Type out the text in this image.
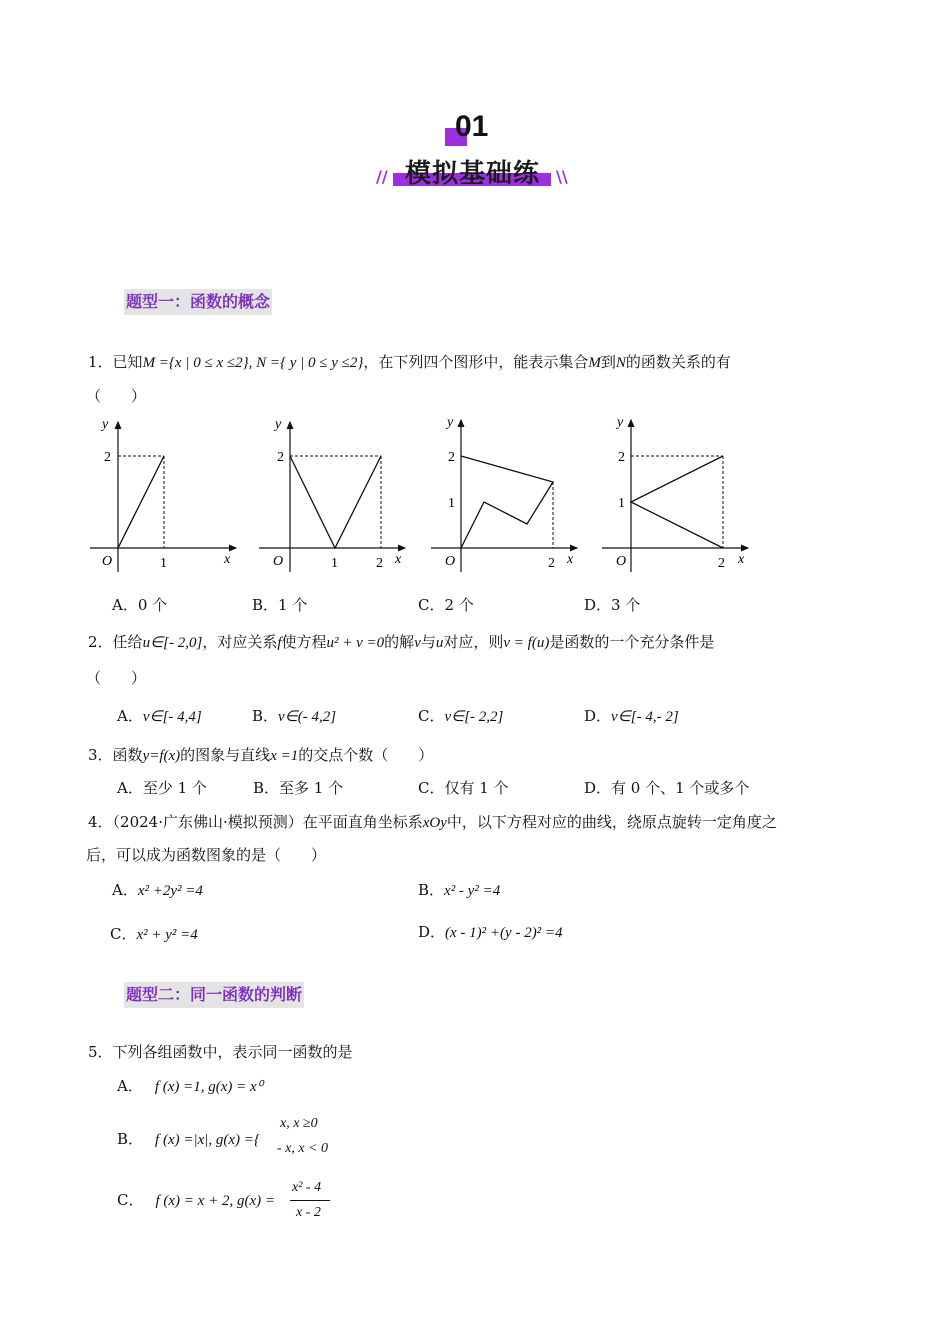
01
模拟基础练
//	\\
题型一：函数的概念
1．已知M ={x | 0 ≤ x ≤2}, N ={ y | 0 ≤ y ≤2}，在下列四个图形中，能表示集合M到N的函数关系的有
（　　）
y
x
O
2
1
y
x
O
2
1	2
y
x
O
2
1
2
y
x
O
2
1
2
A．0 个	B．1 个	C．2 个	D．3 个
2．任给u∈[- 2,0]，对应关系f使方程u² + v =0的解v与u对应，则v = f(u)是函数的一个充分条件是
（　　）
A．v∈[- 4,4]	B．v∈(- 4,2]	C．v∈[- 2,2]	D．v∈[- 4,- 2]
3．函数y=f(x)的图象与直线x =1的交点个数（　　）
A．至少 1 个	B．至多 1 个	C．仅有 1 个	D．有 0 个、1 个或多个
4．（2024·广东佛山·模拟预测）在平面直角坐标系xOy中，以下方程对应的曲线，绕原点旋转一定角度之
后，可以成为函数图象的是（　　）
A．x² +2y² =4	B．x² - y² =4
C．x² + y² =4	D．(x - 1)² +(y - 2)² =4
题型二：同一函数的判断
5．下列各组函数中，表示同一函数的是
A． f (x) =1, g(x) = x⁰
B． f (x) =|x|, g(x) ={
x, x ≥0
- x, x < 0
C． f (x) = x + 2, g(x) =
x² - 4
x - 2
